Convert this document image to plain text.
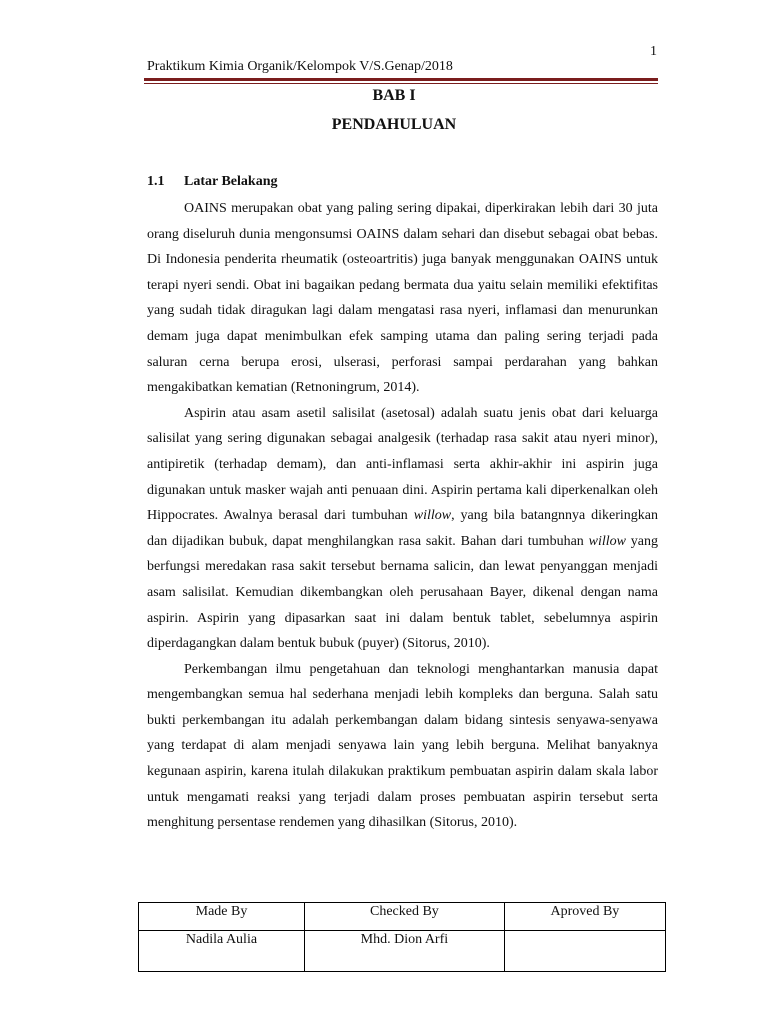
1
Praktikum Kimia Organik/Kelompok V/S.Genap/2018
BAB I
PENDAHULUAN
1.1 Latar Belakang

OAINS merupakan obat yang paling sering dipakai, diperkirakan lebih dari 30 juta orang diseluruh dunia mengonsumsi OAINS dalam sehari dan disebut sebagai obat bebas. Di Indonesia penderita rheumatik (osteoartritis) juga banyak menggunakan OAINS untuk terapi nyeri sendi. Obat ini bagaikan pedang bermata dua yaitu selain memiliki efektifitas yang sudah tidak diragukan lagi dalam mengatasi rasa nyeri, inflamasi dan menurunkan demam juga dapat menimbulkan efek samping utama dan paling sering terjadi pada saluran cerna berupa erosi, ulserasi, perforasi sampai perdarahan yang bahkan mengakibatkan kematian (Retnoningrum, 2014).

Aspirin atau asam asetil salisilat (asetosal) adalah suatu jenis obat dari keluarga salisilat yang sering digunakan sebagai analgesik (terhadap rasa sakit atau nyeri minor), antipiretik (terhadap demam), dan anti-inflamasi serta akhir-akhir ini aspirin juga digunakan untuk masker wajah anti penuaan dini. Aspirin pertama kali diperkenalkan oleh Hippocrates. Awalnya berasal dari tumbuhan willow, yang bila batangnnya dikeringkan dan dijadikan bubuk, dapat menghilangkan rasa sakit. Bahan dari tumbuhan willow yang berfungsi meredakan rasa sakit tersebut bernama salicin, dan lewat penyanggan menjadi asam salisilat. Kemudian dikembangkan oleh perusahaan Bayer, dikenal dengan nama aspirin. Aspirin yang dipasarkan saat ini dalam bentuk tablet, sebelumnya aspirin diperdagangkan dalam bentuk bubuk (puyer) (Sitorus, 2010).

Perkembangan ilmu pengetahuan dan teknologi menghantarkan manusia dapat mengembangkan semua hal sederhana menjadi lebih kompleks dan berguna. Salah satu bukti perkembangan itu adalah perkembangan dalam bidang sintesis senyawa-senyawa yang terdapat di alam menjadi senyawa lain yang lebih berguna. Melihat banyaknya kegunaan aspirin, karena itulah dilakukan praktikum pembuatan aspirin dalam skala labor untuk mengamati reaksi yang terjadi dalam proses pembuatan aspirin tersebut serta menghitung persentase rendemen yang dihasilkan (Sitorus, 2010).

Made By	Checked By	Aproved By
Nadila Aulia	Mhd. Dion Arfi	
